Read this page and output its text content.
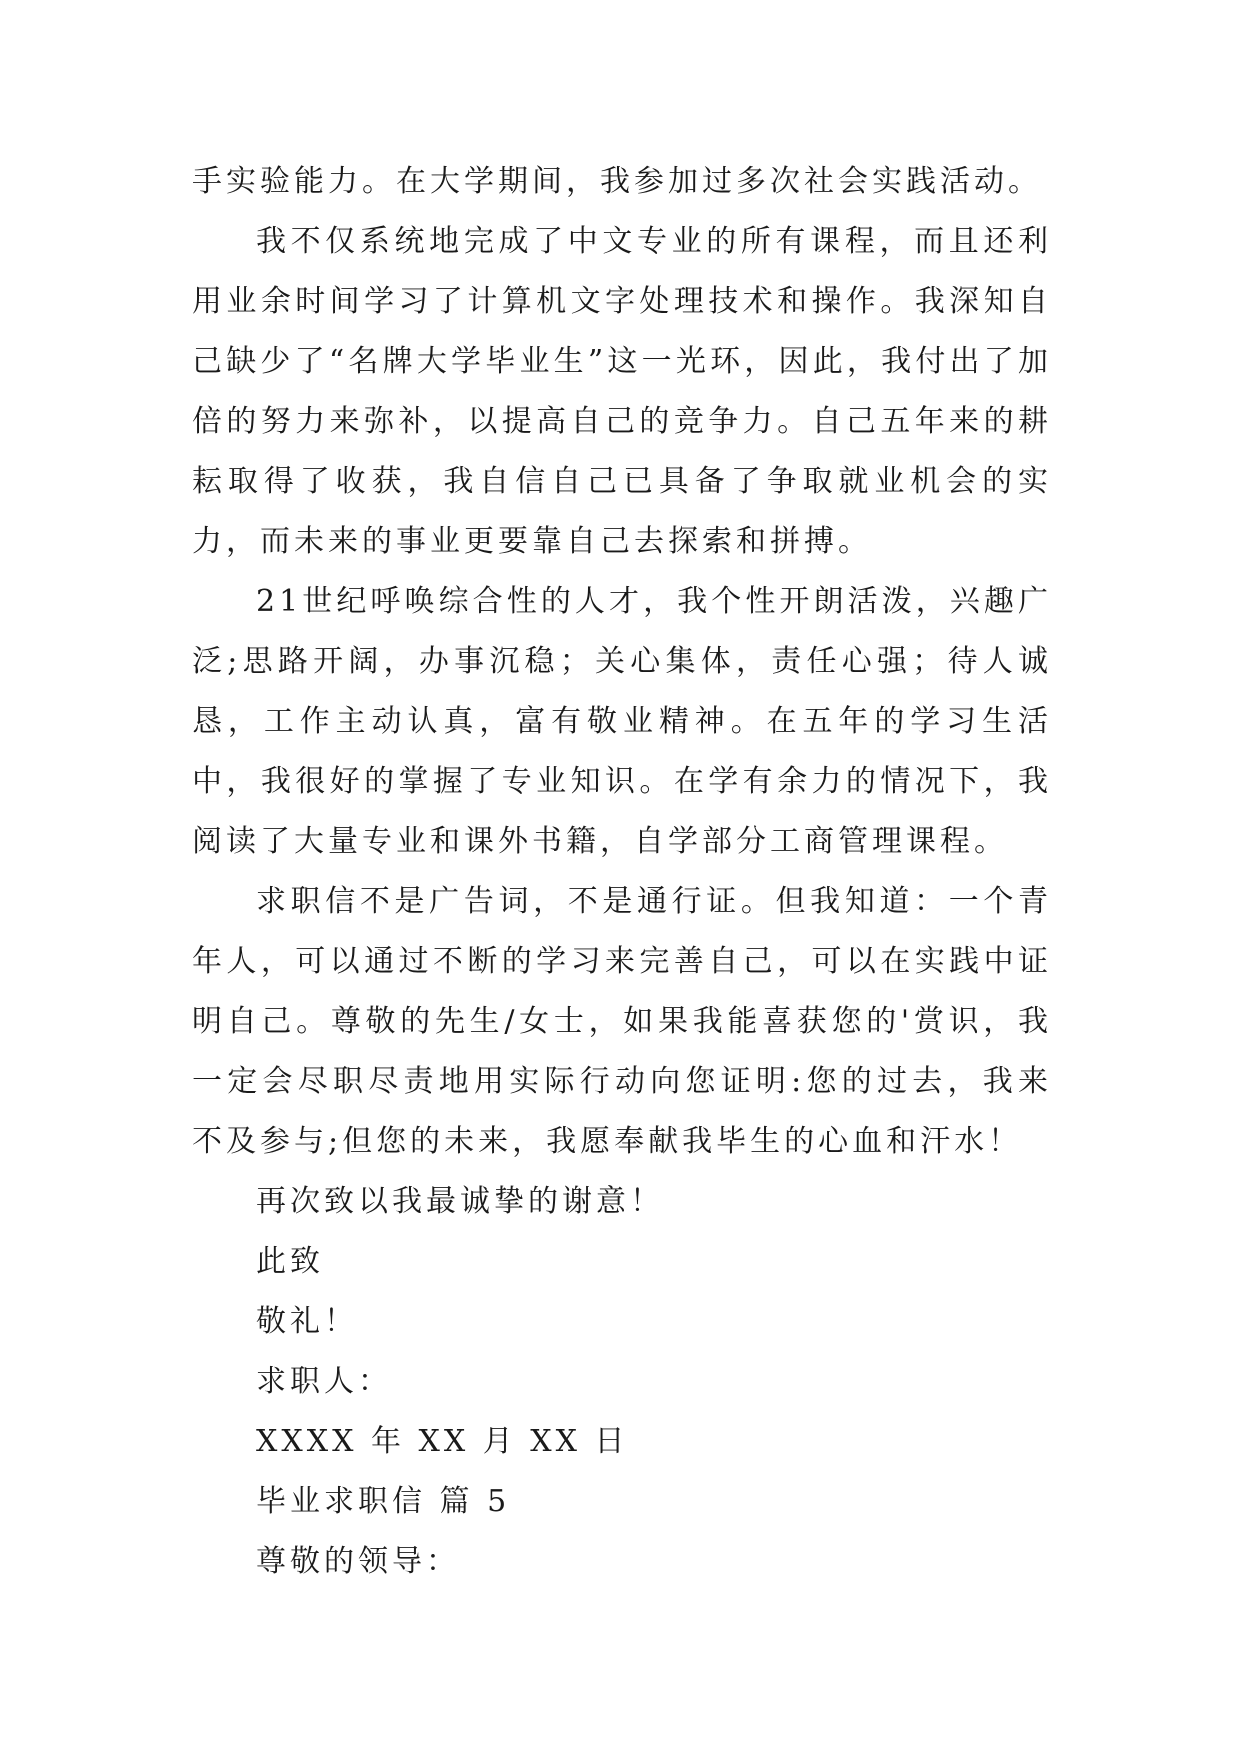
手实验能力。在大学期间，我参加过多次社会实践活动。

我不仅系统地完成了中文专业的所有课程，而且还利用业余时间学习了计算机文字处理技术和操作。我深知自己缺少了“名牌大学毕业生”这一光环，因此，我付出了加倍的努力来弥补，以提高自己的竞争力。自己五年来的耕耘取得了收获，我自信自己已具备了争取就业机会的实力，而未来的事业更要靠自己去探索和拼搏。

21世纪呼唤综合性的人才，我个性开朗活泼，兴趣广泛;思路开阔，办事沉稳；关心集体，责任心强；待人诚恳，工作主动认真，富有敬业精神。在五年的学习生活中，我很好的掌握了专业知识。在学有余力的情况下，我阅读了大量专业和课外书籍，自学部分工商管理课程。

求职信不是广告词，不是通行证。但我知道：一个青年人，可以通过不断的学习来完善自己，可以在实践中证明自己。尊敬的先生/女士，如果我能喜获您的'赏识，我一定会尽职尽责地用实际行动向您证明:您的过去，我来不及参与;但您的未来，我愿奉献我毕生的心血和汗水！

再次致以我最诚挚的谢意！

此致

敬礼！

求职人：

XXXX 年 XX 月 XX 日

毕业求职信 篇 5

尊敬的领导：
